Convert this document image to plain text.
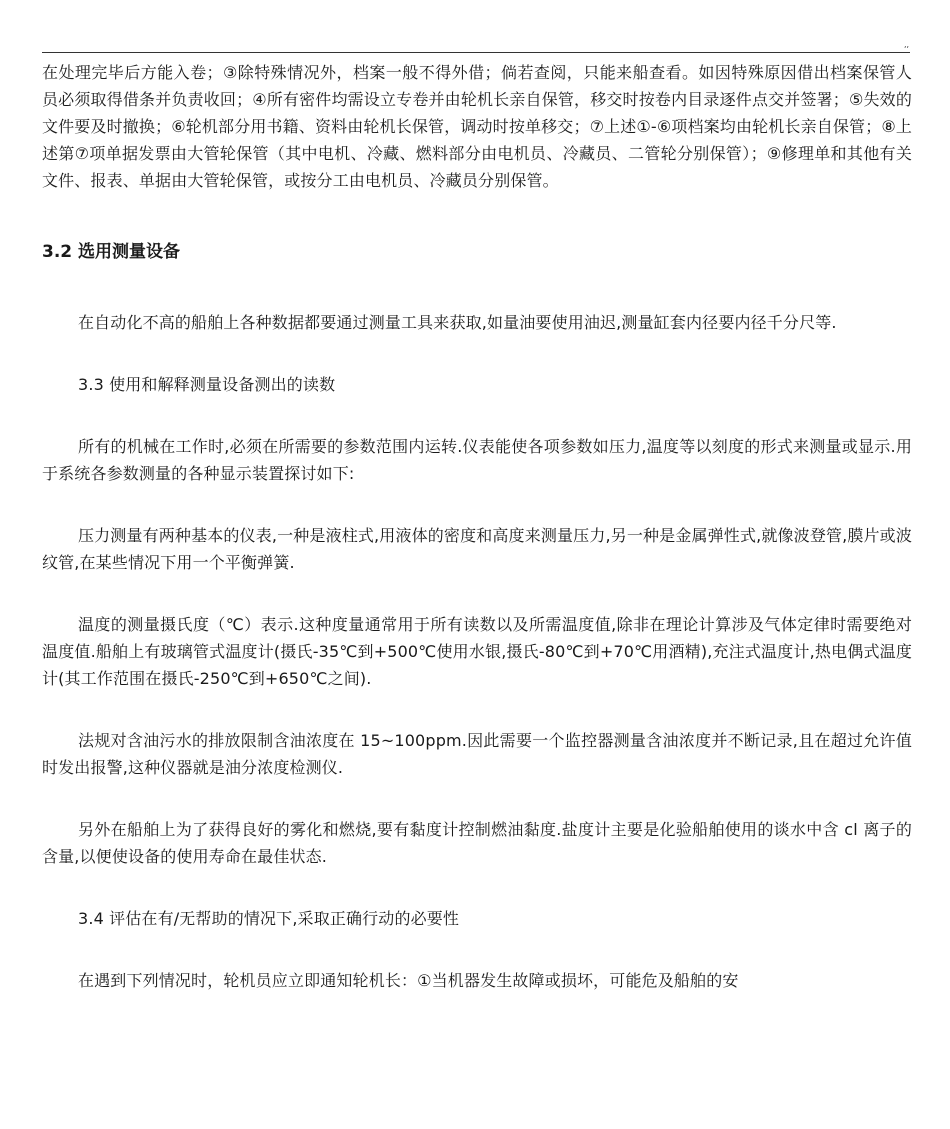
,,

在处理完毕后方能入卷；③除特殊情况外，档案一般不得外借；倘若查阅，只能来船查看。如因特殊原因借出档案保管人员必须取得借条并负责收回；④所有密件均需设立专卷并由轮机长亲自保管，移交时按卷内目录逐件点交并签署；⑤失效的文件要及时撤换；⑥轮机部分用书籍、资料由轮机长保管，调动时按单移交；⑦上述①-⑥项档案均由轮机长亲自保管；⑧上述第⑦项单据发票由大管轮保管（其中电机、冷藏、燃料部分由电机员、冷藏员、二管轮分别保管）；⑨修理单和其他有关文件、报表、单据由大管轮保管，或按分工由电机员、冷藏员分别保管。

3.2 选用测量设备

在自动化不高的船舶上各种数据都要通过测量工具来获取,如量油要使用油迟,测量缸套内径要内径千分尺等.

3.3 使用和解释测量设备测出的读数

所有的机械在工作时,必须在所需要的参数范围内运转.仪表能使各项参数如压力,温度等以刻度的形式来测量或显示.用于系统各参数测量的各种显示装置探讨如下:

压力测量有两种基本的仪表,一种是液柱式,用液体的密度和高度来测量压力,另一种是金属弹性式,就像波登管,膜片或波纹管,在某些情况下用一个平衡弹簧.

温度的测量摄氏度（℃）表示.这种度量通常用于所有读数以及所需温度值,除非在理论计算涉及气体定律时需要绝对温度值.船舶上有玻璃管式温度计(摄氏-35℃到+500℃使用水银,摄氏-80℃到+70℃用酒精),充注式温度计,热电偶式温度计(其工作范围在摄氏-250℃到+650℃之间).

法规对含油污水的排放限制含油浓度在 15~100ppm.因此需要一个监控器测量含油浓度并不断记录,且在超过允许值时发出报警,这种仪器就是油分浓度检测仪.

另外在船舶上为了获得良好的雾化和燃烧,要有黏度计控制燃油黏度.盐度计主要是化验船舶使用的谈水中含 cl 离子的含量,以便使设备的使用寿命在最佳状态.

3.4 评估在有/无帮助的情况下,采取正确行动的必要性

在遇到下列情况时，轮机员应立即通知轮机长：①当机器发生故障或损坏，可能危及船舶的安
